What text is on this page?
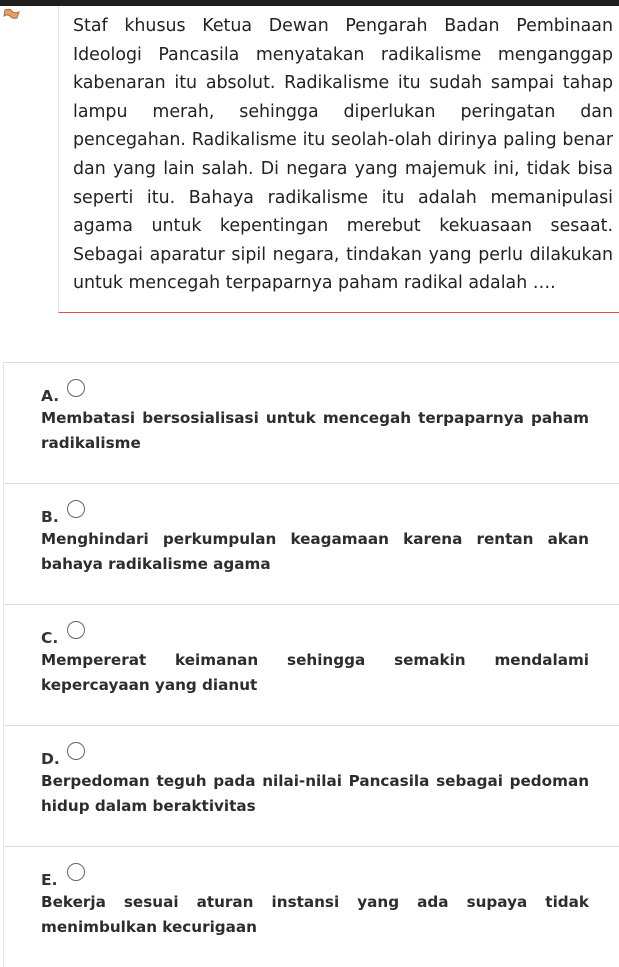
Staf khusus Ketua Dewan Pengarah Badan Pembinaan Ideologi Pancasila menyatakan radikalisme menganggap kabenaran itu absolut. Radikalisme itu sudah sampai tahap lampu merah, sehingga diperlukan peringatan dan pencegahan. Radikalisme itu seolah-olah dirinya paling benar dan yang lain salah. Di negara yang majemuk ini, tidak bisa seperti itu. Bahaya radikalisme itu adalah memanipulasi agama untuk kepentingan merebut kekuasaan sesaat. Sebagai aparatur sipil negara, tindakan yang perlu dilakukan untuk mencegah terpaparnya paham radikal adalah ….
A.
Membatasi bersosialisasi untuk mencegah terpaparnya paham radikalisme
B.
Menghindari perkumpulan keagamaan karena rentan akan bahaya radikalisme agama
C.
Mempererat keimanan sehingga semakin mendalami kepercayaan yang dianut
D.
Berpedoman teguh pada nilai-nilai Pancasila sebagai pedoman hidup dalam beraktivitas
E.
Bekerja sesuai aturan instansi yang ada supaya tidak menimbulkan kecurigaan
